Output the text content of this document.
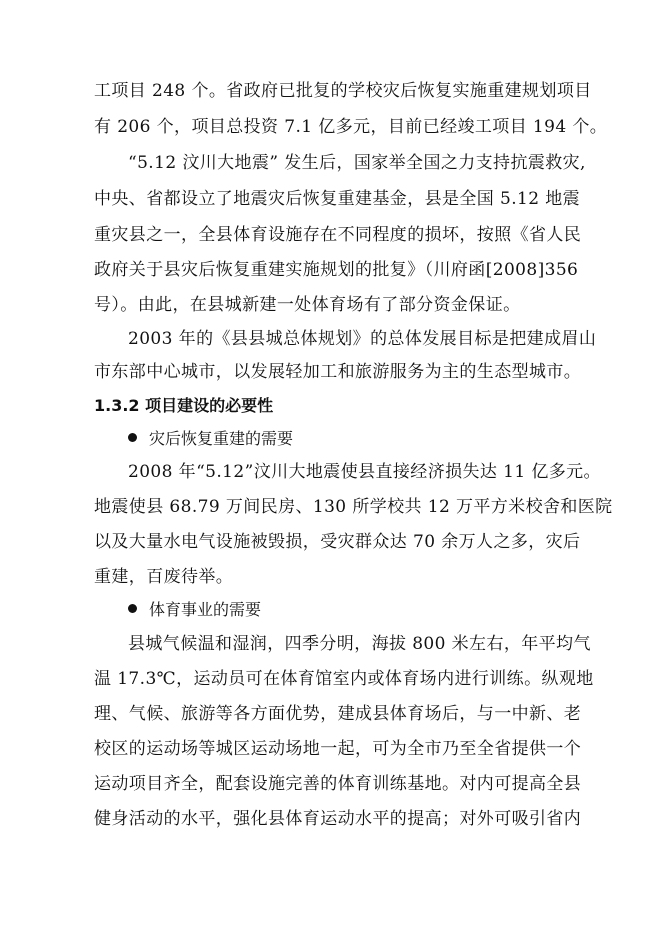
工项目 248 个。省政府已批复的学校灾后恢复实施重建规划项目
有 206 个，项目总投资 7.1 亿多元，目前已经竣工项目 194 个。
“5.12 汶川大地震” 发生后，国家举全国之力支持抗震救灾,
中央、省都设立了地震灾后恢复重建基金，县是全国 5.12 地震
重灾县之一，全县体育设施存在不同程度的损坏，按照《省人民
政府关于县灾后恢复重建实施规划的批复》（川府函[2008]356
号）。由此，在县城新建一处体育场有了部分资金保证。
2003 年的《县县城总体规划》的总体发展目标是把建成眉山
市东部中心城市，以发展轻加工和旅游服务为主的生态型城市。
1.3.2 项目建设的必要性
灾后恢复重建的需要
2008 年“5.12”汶川大地震使县直接经济损失达 11 亿多元。
地震使县 68.79 万间民房、130 所学校共 12 万平方米校舍和医院
以及大量水电气设施被毁损，受灾群众达 70 余万人之多，灾后
重建，百废待举。
体育事业的需要
县城气候温和湿润，四季分明，海拔 800 米左右，年平均气
温 17.3℃，运动员可在体育馆室内或体育场内进行训练。纵观地
理、气候、旅游等各方面优势，建成县体育场后，与一中新、老
校区的运动场等城区运动场地一起，可为全市乃至全省提供一个
运动项目齐全，配套设施完善的体育训练基地。对内可提高全县
健身活动的水平，强化县体育运动水平的提高；对外可吸引省内
